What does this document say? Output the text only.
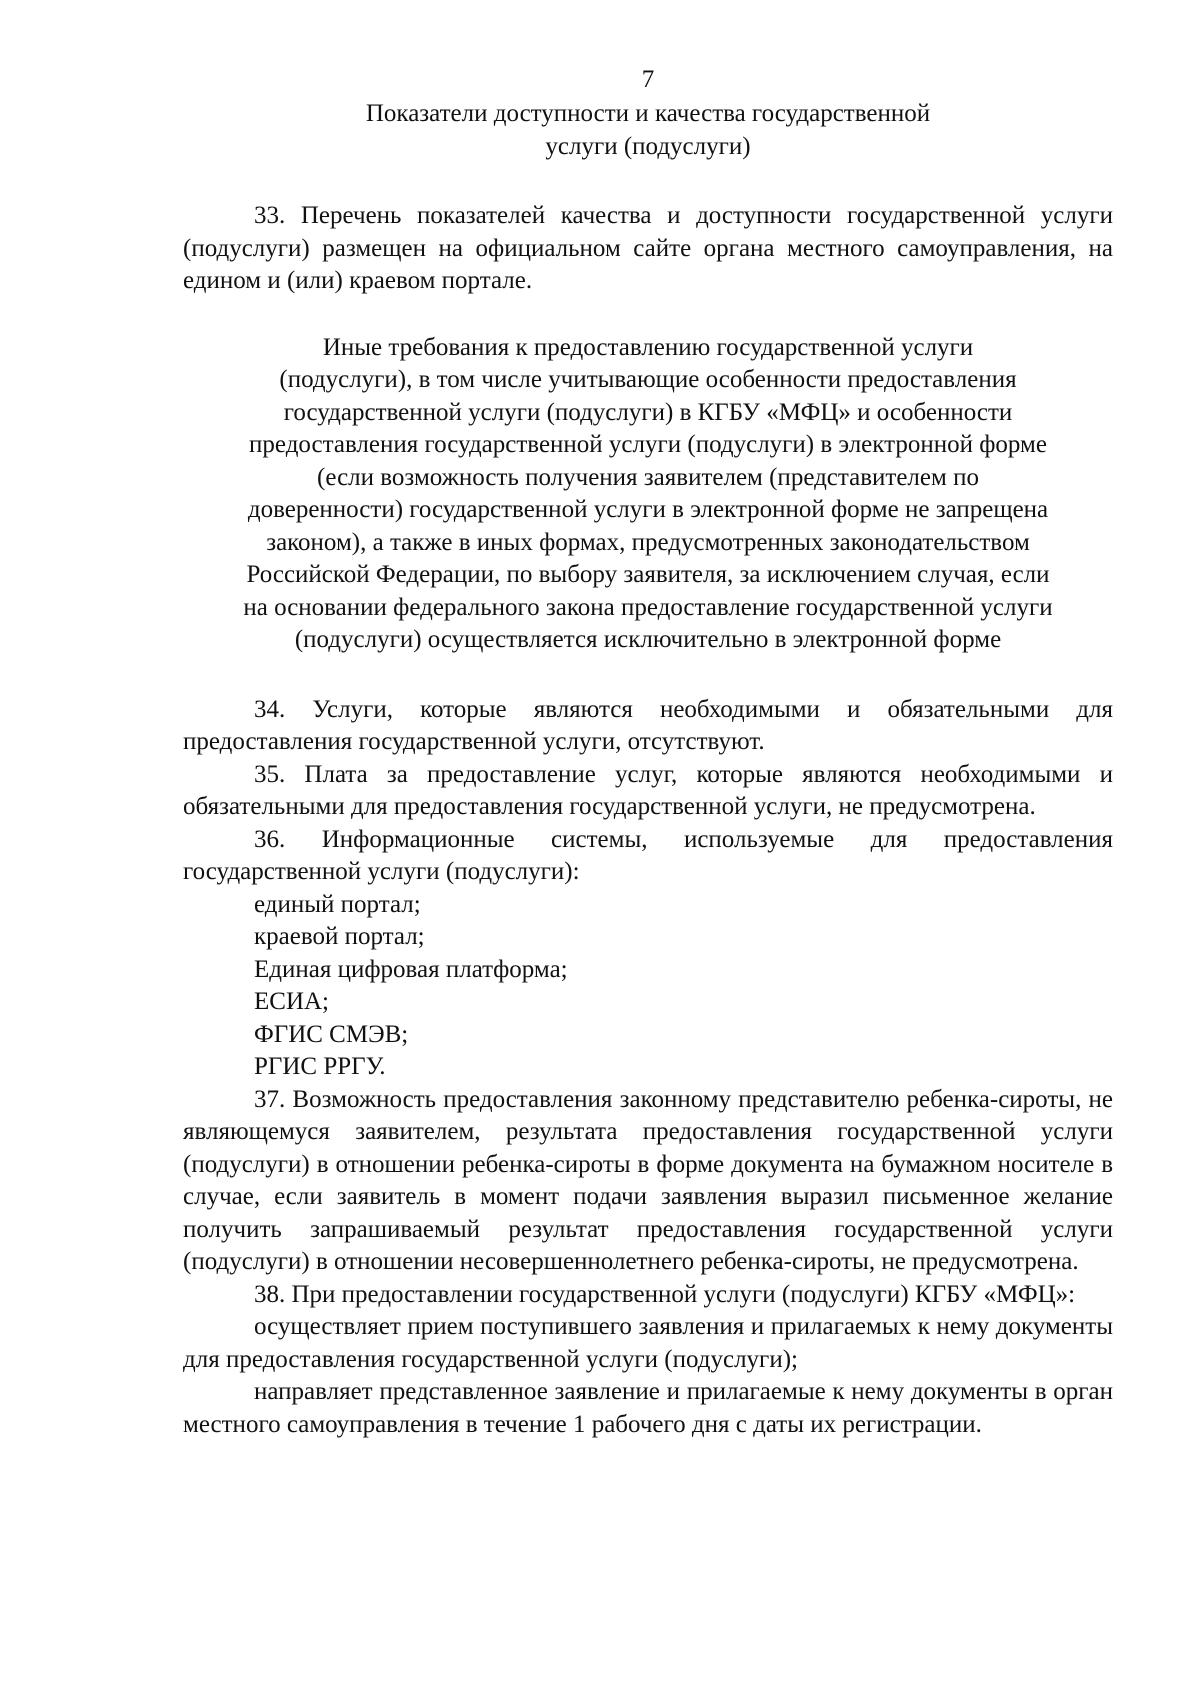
7
Показатели доступности и качества государственной
услуги (подуслуги)

33. Перечень показателей качества и доступности государственной услуги (подуслуги) размещен на официальном сайте органа местного самоуправления, на едином и (или) краевом портале.

Иные требования к предоставлению государственной услуги
(подуслуги), в том числе учитывающие особенности предоставления
государственной услуги (подуслуги) в КГБУ «МФЦ» и особенности
предоставления государственной услуги (подуслуги) в электронной форме
(если возможность получения заявителем (представителем по
доверенности) государственной услуги в электронной форме не запрещена
законом), а также в иных формах, предусмотренных законодательством
Российской Федерации, по выбору заявителя, за исключением случая, если
на основании федерального закона предоставление государственной услуги
(подуслуги) осуществляется исключительно в электронной форме

34. Услуги, которые являются необходимыми и обязательными для предоставления государственной услуги, отсутствуют.

35. Плата за предоставление услуг, которые являются необходимыми и обязательными для предоставления государственной услуги, не предусмотрена.

36. Информационные системы, используемые для предоставления государственной услуги (подуслуги):

единый портал;

краевой портал;

Единая цифровая платформа;

ЕСИА;

ФГИС СМЭВ;

РГИС РРГУ.

37. Возможность предоставления законному представителю ребенка-сироты, не являющемуся заявителем, результата предоставления государственной услуги (подуслуги) в отношении ребенка-сироты в форме документа на бумажном носителе в случае, если заявитель в момент подачи заявления выразил письменное желание получить запрашиваемый результат предоставления государственной услуги (подуслуги) в отношении несовершеннолетнего ребенка-сироты, не предусмотрена.

38. При предоставлении государственной услуги (подуслуги) КГБУ «МФЦ»:

осуществляет прием поступившего заявления и прилагаемых к нему документы для предоставления государственной услуги (подуслуги);

направляет представленное заявление и прилагаемые к нему документы в орган местного самоуправления в течение 1 рабочего дня с даты их регистрации.
